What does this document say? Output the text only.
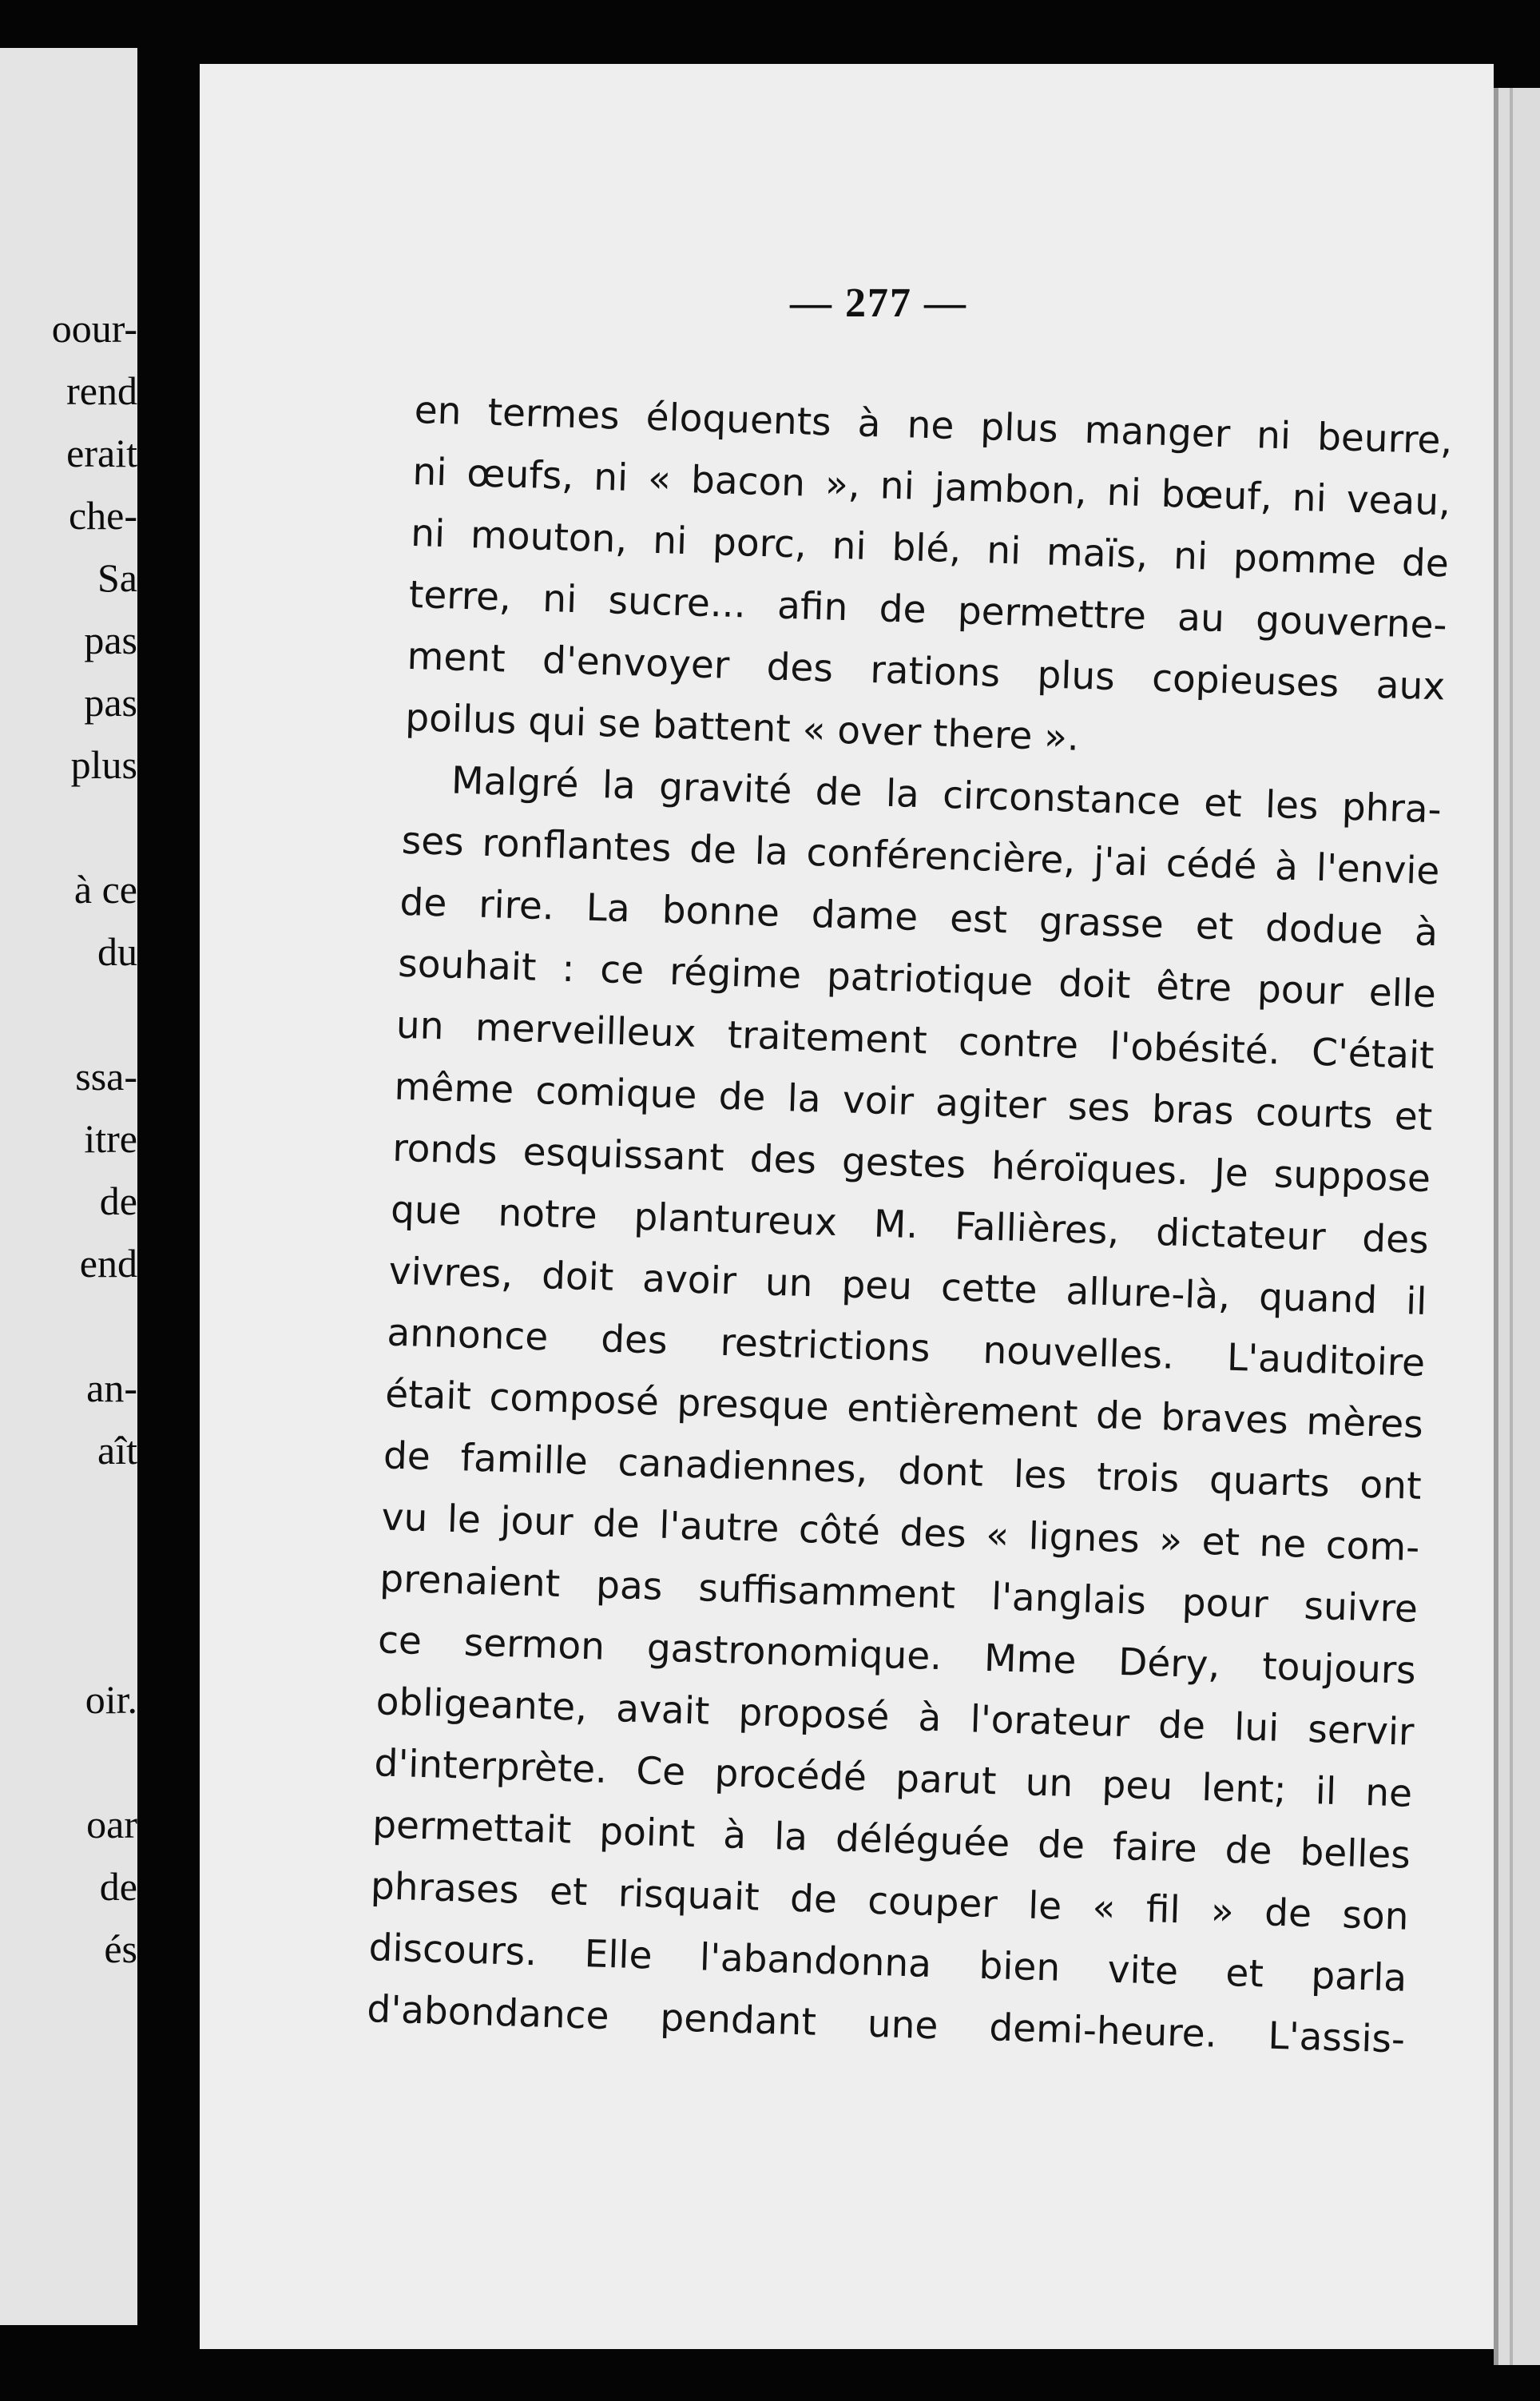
oour-
rend
erait
che-
Sa
pas
pas
plus
à ce
du
ssa-
itre
de
end
an-
aît
oir.
oar
de
és
— 277 —
en termes éloquents à ne plus manger ni beurre,
ni œufs, ni « bacon », ni jambon, ni bœuf, ni veau,
ni mouton, ni porc, ni blé, ni maïs, ni pomme de
terre, ni sucre... afin de permettre au gouverne-
ment d'envoyer des rations plus copieuses aux
poilus qui se battent « over there ».
Malgré la gravité de la circonstance et les phra-
ses ronflantes de la conférencière, j'ai cédé à l'envie
de rire. La bonne dame est grasse et dodue à
souhait : ce régime patriotique doit être pour elle
un merveilleux traitement contre l'obésité. C'était
même comique de la voir agiter ses bras courts et
ronds esquissant des gestes héroïques. Je suppose
que notre plantureux M. Fallières, dictateur des
vivres, doit avoir un peu cette allure-là, quand il
annonce des restrictions nouvelles. L'auditoire
était composé presque entièrement de braves mères
de famille canadiennes, dont les trois quarts ont
vu le jour de l'autre côté des « lignes » et ne com-
prenaient pas suffisamment l'anglais pour suivre
ce sermon gastronomique. Mme Déry, toujours
obligeante, avait proposé à l'orateur de lui servir
d'interprète. Ce procédé parut un peu lent; il ne
permettait point à la déléguée de faire de belles
phrases et risquait de couper le « fil » de son
discours. Elle l'abandonna bien vite et parla
d'abondance pendant une demi-heure. L'assis-
